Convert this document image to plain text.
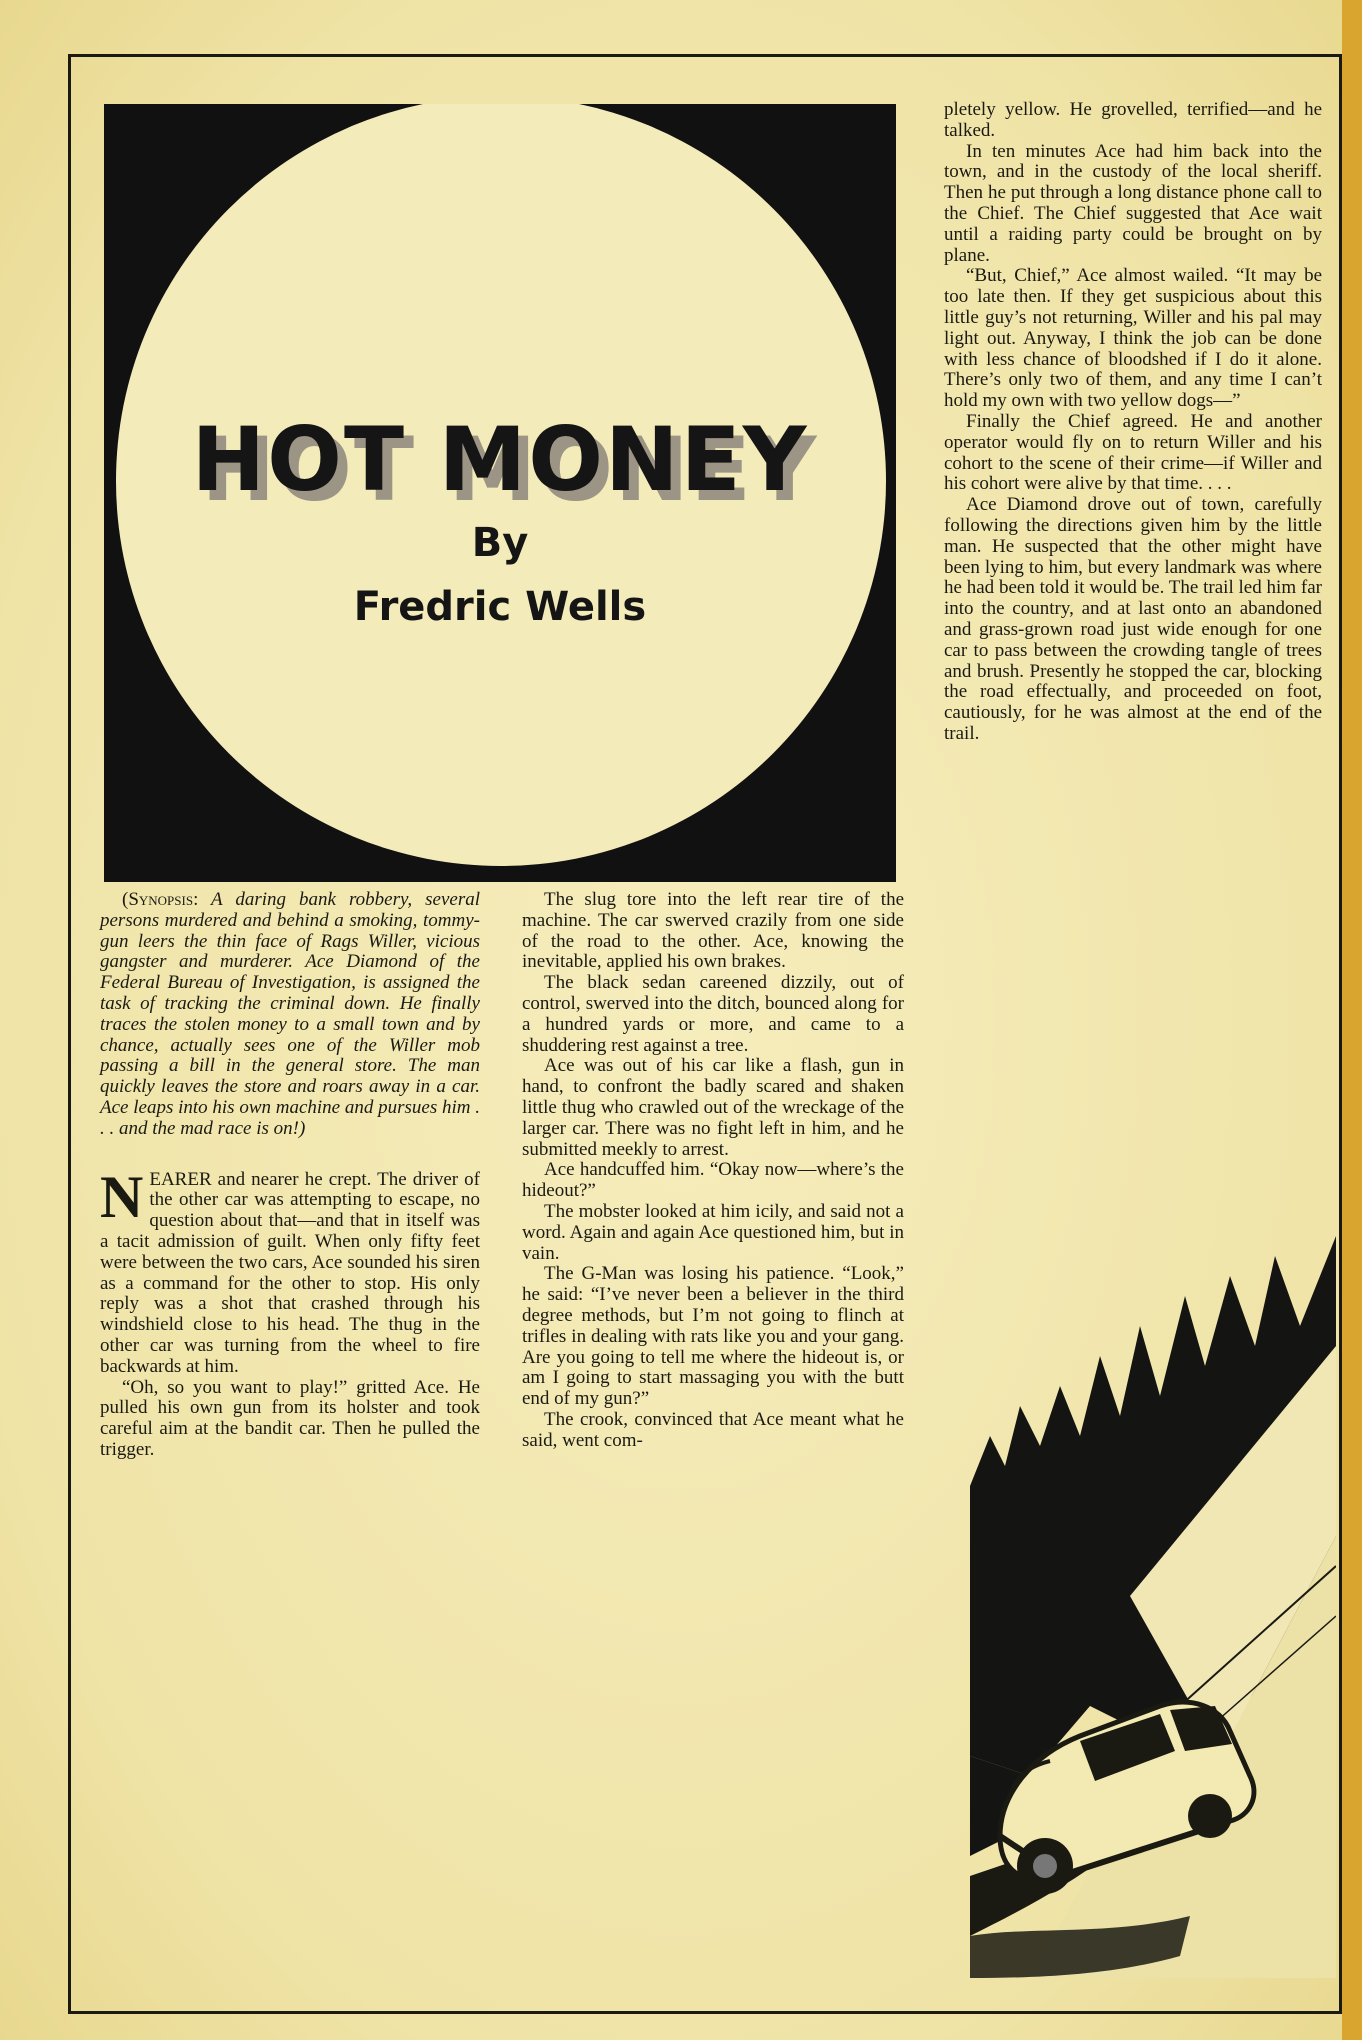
HOT MONEY
By
Fredric Wells

(Synopsis: A daring bank robbery, several persons murdered and behind a smoking, tommy-gun leers the thin face of Rags Willer, vicious gangster and murderer. Ace Diamond of the Federal Bureau of Investigation, is assigned the task of tracking the criminal down. He finally traces the stolen money to a small town and by chance, actually sees one of the Willer mob passing a bill in the general store. The man quickly leaves the store and roars away in a car. Ace leaps into his own machine and pursues him . . . and the mad race is on!)

NEARER and nearer he crept. The driver of the other car was attempting to escape, no question about that—and that in itself was a tacit admission of guilt. When only fifty feet were between the two cars, Ace sounded his siren as a command for the other to stop. His only reply was a shot that crashed through his windshield close to his head. The thug in the other car was turning from the wheel to fire backwards at him.

“Oh, so you want to play!” gritted Ace. He pulled his own gun from its holster and took careful aim at the bandit car. Then he pulled the trigger.

The slug tore into the left rear tire of the machine. The car swerved crazily from one side of the road to the other. Ace, knowing the inevitable, applied his own brakes.

The black sedan careened dizzily, out of control, swerved into the ditch, bounced along for a hundred yards or more, and came to a shuddering rest against a tree.

Ace was out of his car like a flash, gun in hand, to confront the badly scared and shaken little thug who crawled out of the wreckage of the larger car. There was no fight left in him, and he submitted meekly to arrest.

Ace handcuffed him. “Okay now—where’s the hideout?”

The mobster looked at him icily, and said not a word. Again and again Ace questioned him, but in vain.

The G-Man was losing his patience. “Look,” he said: “I’ve never been a believer in the third degree methods, but I’m not going to flinch at trifles in dealing with rats like you and your gang. Are you going to tell me where the hideout is, or am I going to start massaging you with the butt end of my gun?”

The crook, convinced that Ace meant what he said, went com-

pletely yellow. He grovelled, terrified—and he talked.

In ten minutes Ace had him back into the town, and in the custody of the local sheriff. Then he put through a long distance phone call to the Chief. The Chief suggested that Ace wait until a raiding party could be brought on by plane.

“But, Chief,” Ace almost wailed. “It may be too late then. If they get suspicious about this little guy’s not returning, Willer and his pal may light out. Anyway, I think the job can be done with less chance of bloodshed if I do it alone. There’s only two of them, and any time I can’t hold my own with two yellow dogs—”

Finally the Chief agreed. He and another operator would fly on to return Willer and his cohort to the scene of their crime—if Willer and his cohort were alive by that time. . . .

Ace Diamond drove out of town, carefully following the directions given him by the little man. He suspected that the other might have been lying to him, but every landmark was where he had been told it would be. The trail led him far into the country, and at last onto an abandoned and grass-grown road just wide enough for one car to pass between the crowding tangle of trees and brush. Presently he stopped the car, blocking the road effectually, and proceeded on foot, cautiously, for he was almost at the end of the trail.
